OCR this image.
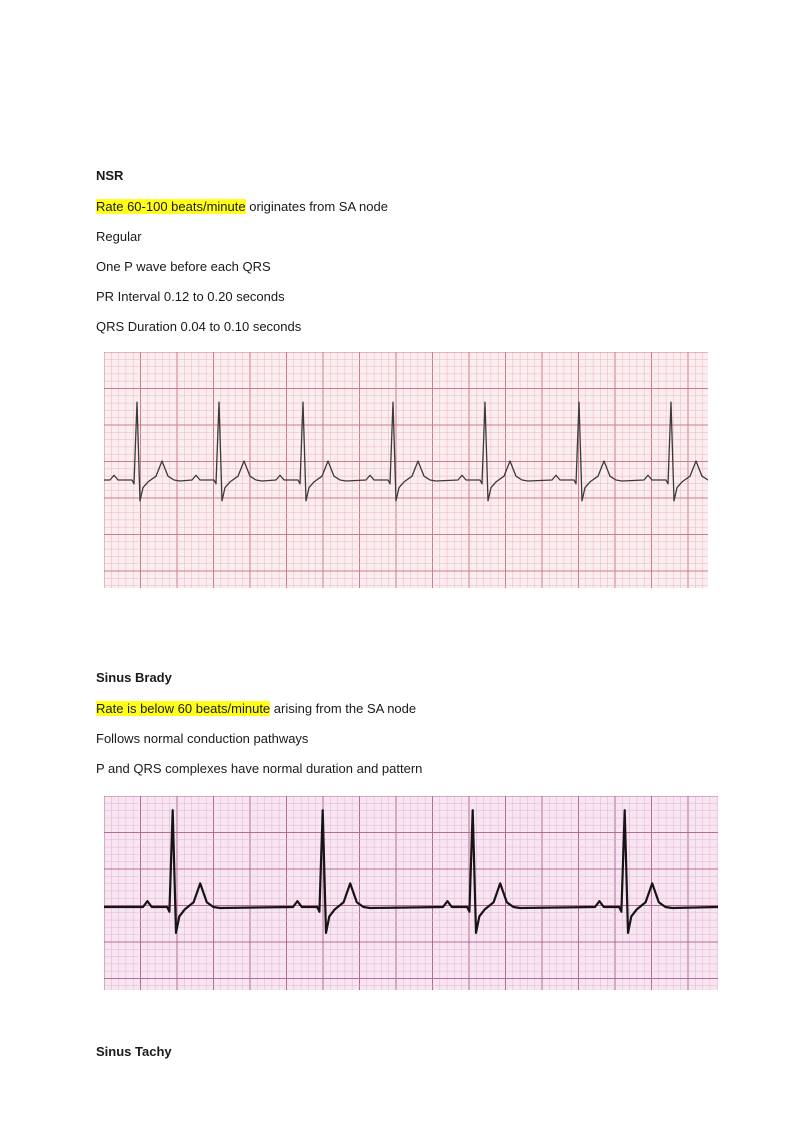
NSR
Rate 60-100 beats/minute originates from SA node
Regular
One P wave before each QRS
PR Interval 0.12 to 0.20 seconds
QRS Duration 0.04 to 0.10 seconds
Sinus Brady
Rate is below 60 beats/minute arising from the SA node
Follows normal conduction pathways
P and QRS complexes have normal duration and pattern
Sinus Tachy
